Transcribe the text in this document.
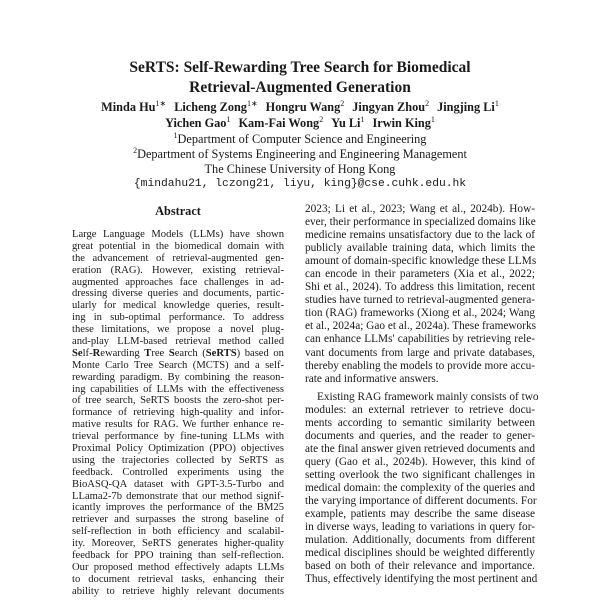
SeRTS: Self-Rewarding Tree Search for Biomedical
Retrieval-Augmented Generation
Minda $Hu^{1∗}$ Licheng Zong$^{1∗}$ Hongru Wang$^2$ Jingyan Zhou$^2$ Jingjing Li$^1$
Yichen Gao$^1$ Kam-Fai Wong$^2$ Yu Li$^1$ Irwin King$^1$
$^1$Department of Computer Science and Engineering
$^2$Department of Systems Engineering and Engineering Management
The Chinese University of Hong Kong
{mindahu21, lczong21, liyu, king}@cse.cuhk.edu.hk
Abstract
Large Language Models (LLMs) have shown
great potential in the biomedical domain with
the advancement of retrieval-augmented gen-
eration (RAG). However, existing retrieval-
augmented approaches face challenges in ad-
dressing diverse queries and documents, partic-
ularly for medical knowledge queries, result-
ing in sub-optimal performance. To address
these limitations, we propose a novel plug-
and-play LLM-based retrieval method called
Self-Rewarding Tree Search (SeRTS) based on
Monte Carlo Tree Search (MCTS) and a self-
rewarding paradigm. By combining the reason-
ing capabilities of LLMs with the effectiveness
of tree search, SeRTS boosts the zero-shot per-
formance of retrieving high-quality and infor-
mative results for RAG. We further enhance re-
trieval performance by fine-tuning LLMs with
Proximal Policy Optimization (PPO) objectives
using the trajectories collected by SeRTS as
feedback. Controlled experiments using the
BioASQ-QA dataset with GPT-3.5-Turbo and
LLama2-7b demonstrate that our method signif-
icantly improves the performance of the BM25
retriever and surpasses the strong baseline of
self-reflection in both efficiency and scalabil-
ity. Moreover, SeRTS generates higher-quality
feedback for PPO training than self-reflection.
Our proposed method effectively adapts LLMs
to document retrieval tasks, enhancing their
ability to retrieve highly relevant documents
2023; Li et al., 2023; Wang et al., 2024b). How-
ever, their performance in specialized domains like
medicine remains unsatisfactory due to the lack of
publicly available training data, which limits the
amount of domain-specific knowledge these LLMs
can encode in their parameters (Xia et al., 2022;
Shi et al., 2024). To address this limitation, recent
studies have turned to retrieval-augmented genera-
tion (RAG) frameworks (Xiong et al., 2024; Wang
et al., 2024a; Gao et al., 2024a). These frameworks
can enhance LLMs' capabilities by retrieving rele-
vant documents from large and private databases,
thereby enabling the models to provide more accu-
rate and informative answers.
Existing RAG framework mainly consists of two
modules: an external retriever to retrieve docu-
ments according to semantic similarity between
documents and queries, and the reader to gener-
ate the final answer given retrieved documents and
query (Gao et al., 2024b). However, this kind of
setting overlook the two significant challenges in
medical domain: the complexity of the queries and
the varying importance of different documents. For
example, patients may describe the same disease
in diverse ways, leading to variations in query for-
mulation. Additionally, documents from different
medical disciplines should be weighted differently
based on both of their relevance and importance.
Thus, effectively identifying the most pertinent and
